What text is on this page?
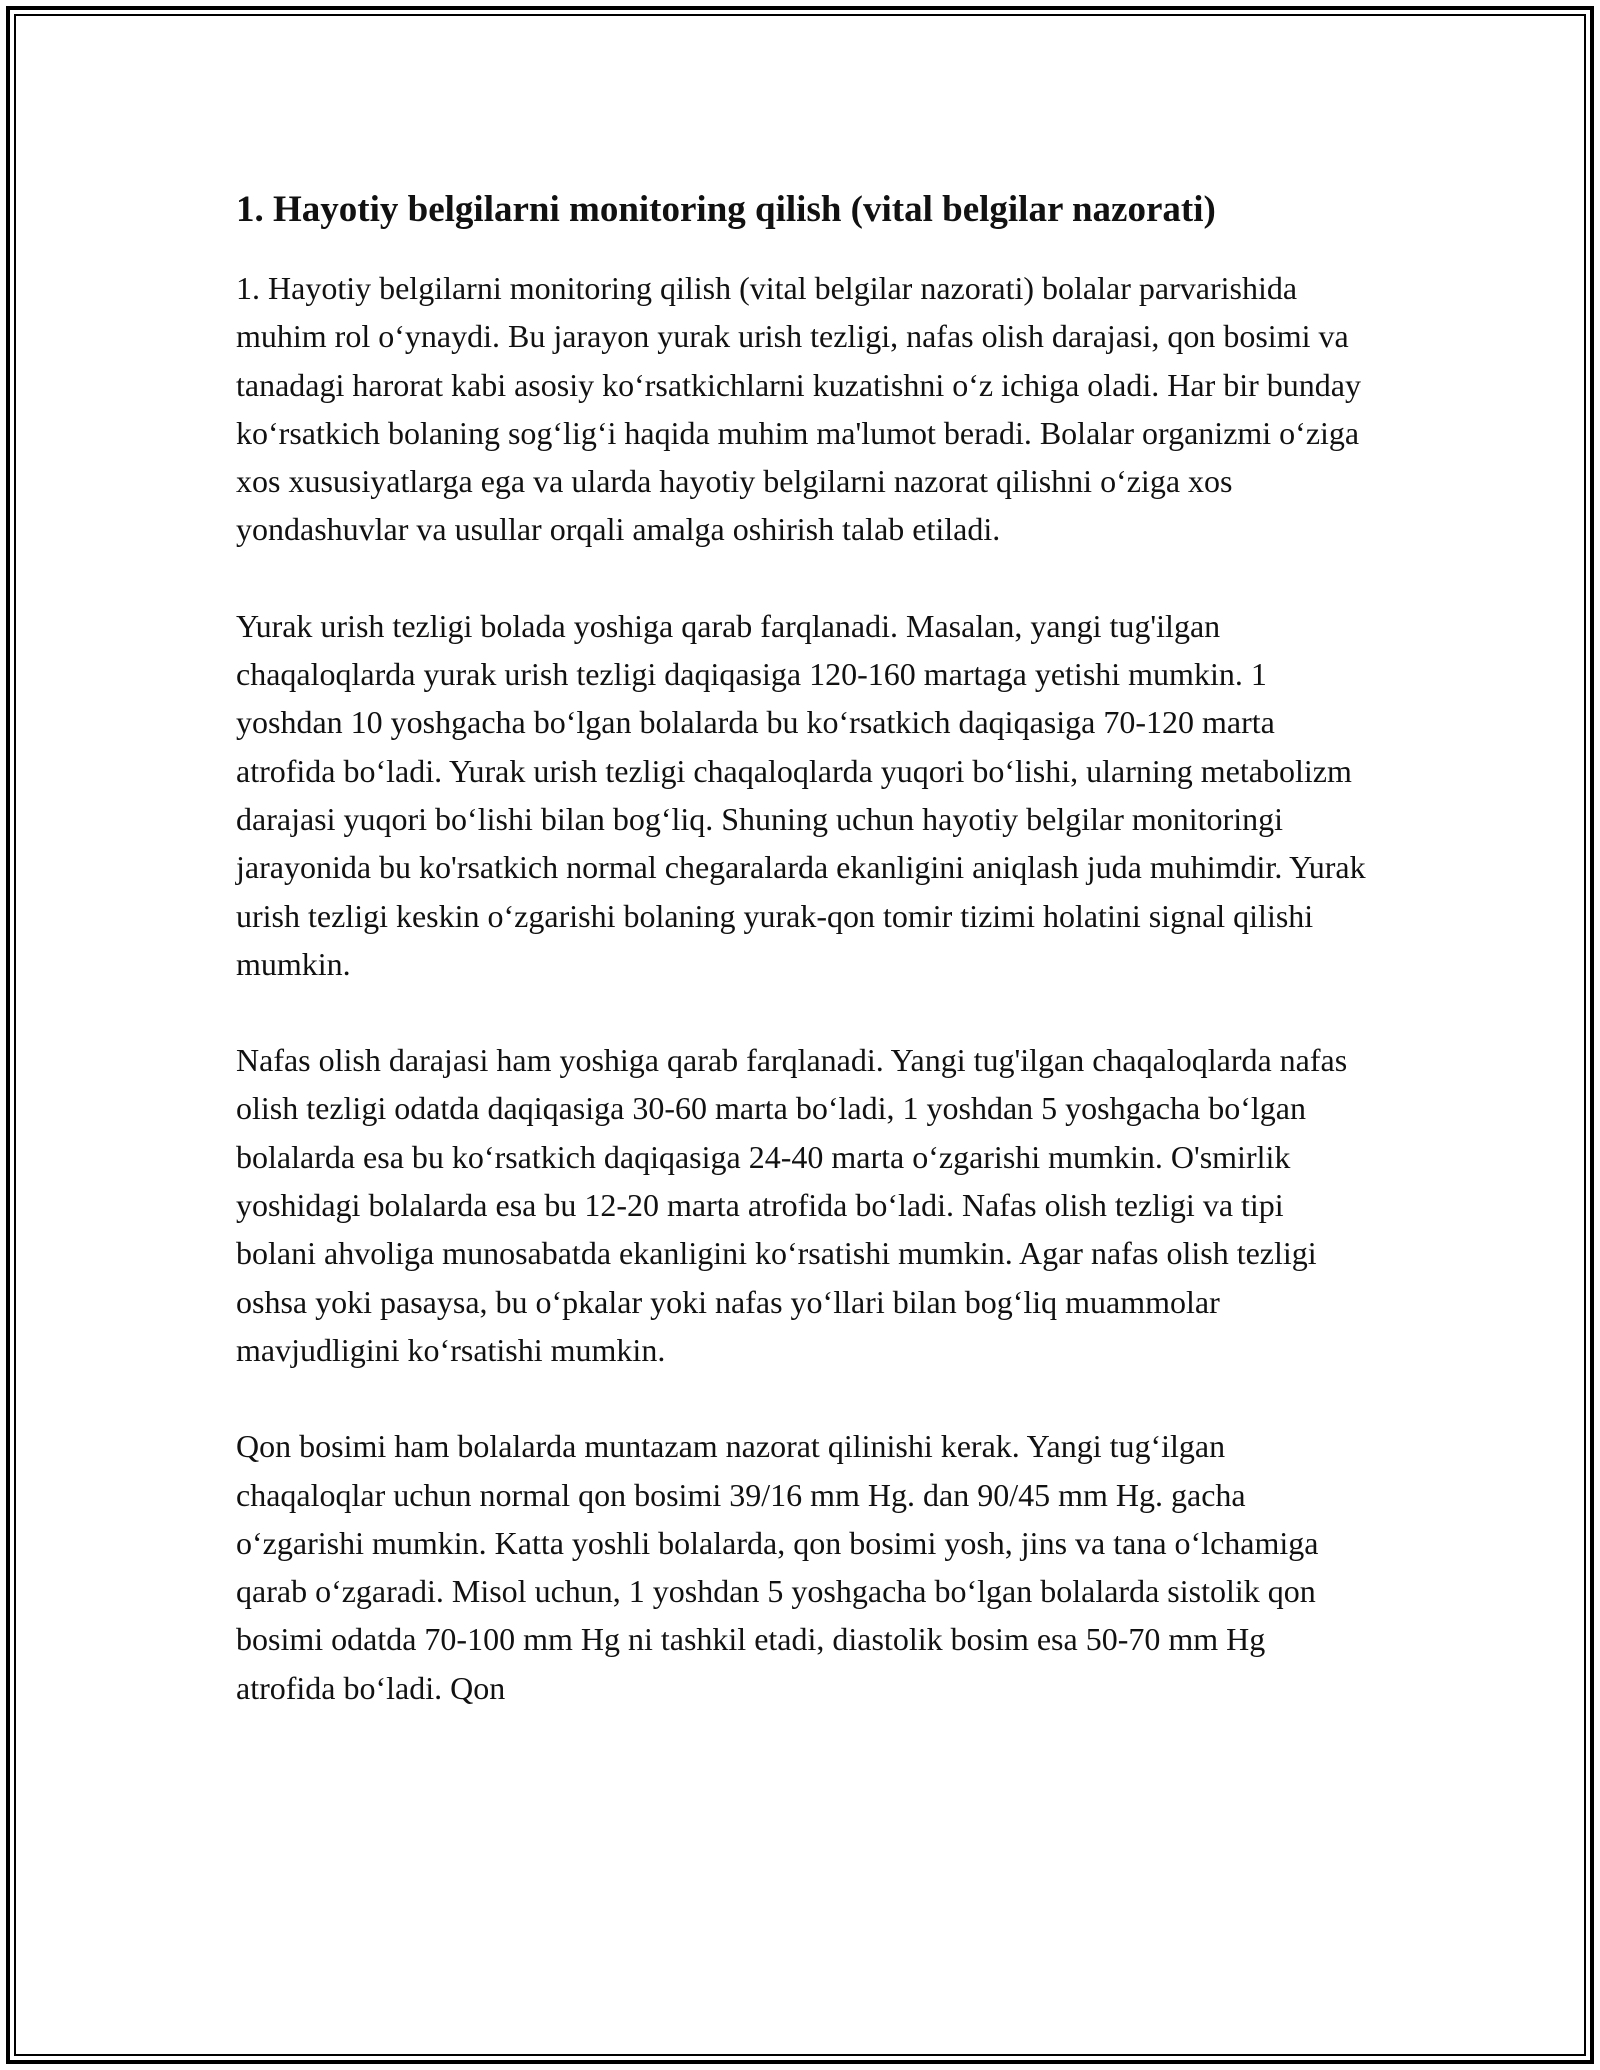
1. Hayotiy belgilarni monitoring qilish (vital belgilar nazorati)

1. Hayotiy belgilarni monitoring qilish (vital belgilar nazorati) bolalar parvarishida muhim rol o‘ynaydi. Bu jarayon yurak urish tezligi, nafas olish darajasi, qon bosimi va tanadagi harorat kabi asosiy ko‘rsatkichlarni kuzatishni o‘z ichiga oladi. Har bir bunday ko‘rsatkich bolaning sog‘lig‘i haqida muhim ma'lumot beradi. Bolalar organizmi o‘ziga xos xususiyatlarga ega va ularda hayotiy belgilarni nazorat qilishni o‘ziga xos yondashuvlar va usullar orqali amalga oshirish talab etiladi.

Yurak urish tezligi bolada yoshiga qarab farqlanadi. Masalan, yangi tug'ilgan chaqaloqlarda yurak urish tezligi daqiqasiga 120-160 martaga yetishi mumkin. 1 yoshdan 10 yoshgacha bo‘lgan bolalarda bu ko‘rsatkich daqiqasiga 70-120 marta atrofida bo‘ladi. Yurak urish tezligi chaqaloqlarda yuqori bo‘lishi, ularning metabolizm darajasi yuqori bo‘lishi bilan bog‘liq. Shuning uchun hayotiy belgilar monitoringi jarayonida bu ko'rsatkich normal chegaralarda ekanligini aniqlash juda muhimdir. Yurak urish tezligi keskin o‘zgarishi bolaning yurak-qon tomir tizimi holatini signal qilishi mumkin.

Nafas olish darajasi ham yoshiga qarab farqlanadi. Yangi tug'ilgan chaqaloqlarda nafas olish tezligi odatda daqiqasiga 30-60 marta bo‘ladi, 1 yoshdan 5 yoshgacha bo‘lgan bolalarda esa bu ko‘rsatkich daqiqasiga 24-40 marta o‘zgarishi mumkin. O'smirlik yoshidagi bolalarda esa bu 12-20 marta atrofida bo‘ladi. Nafas olish tezligi va tipi bolani ahvoliga munosabatda ekanligini ko‘rsatishi mumkin. Agar nafas olish tezligi oshsa yoki pasaysa, bu o‘pkalar yoki nafas yo‘llari bilan bog‘liq muammolar mavjudligini ko‘rsatishi mumkin.

Qon bosimi ham bolalarda muntazam nazorat qilinishi kerak. Yangi tug‘ilgan chaqaloqlar uchun normal qon bosimi 39/16 mm Hg. dan 90/45 mm Hg. gacha o‘zgarishi mumkin. Katta yoshli bolalarda, qon bosimi yosh, jins va tana o‘lchamiga qarab o‘zgaradi. Misol uchun, 1 yoshdan 5 yoshgacha bo‘lgan bolalarda sistolik qon bosimi odatda 70-100 mm Hg ni tashkil etadi, diastolik bosim esa 50-70 mm Hg atrofida bo‘ladi. Qon
